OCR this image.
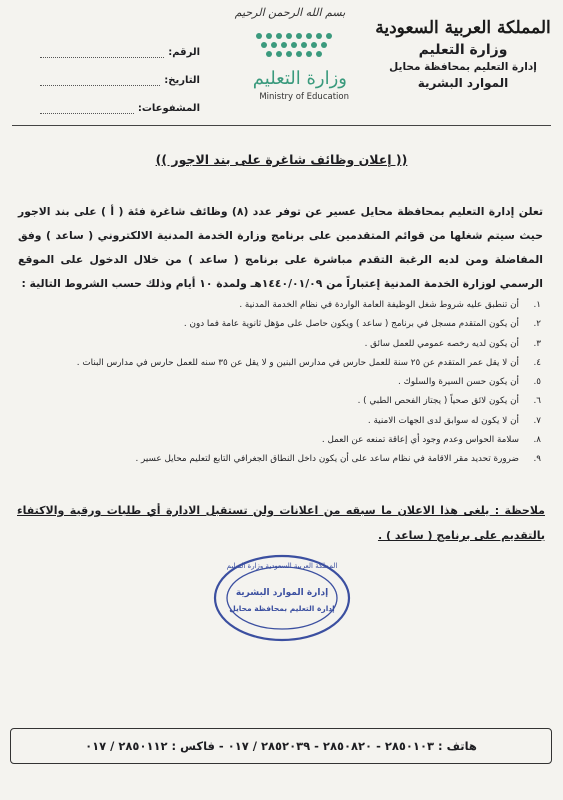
بسم الله الرحمن الرحيم
المملكة العربية السعودية
وزارة التعليم
إدارة التعليم بمحافظة محايل
الموارد البشرية
وزارة التعليم
Ministry of Education
الرقم:
التاريخ:
المشفوعات:
(( إعلان وظائف شاغرة على بند الاجور ))
تعلن إدارة التعليم بمحافظة محايل عسير عن توفر عدد (٨) وظائف شاغرة فئة ( أ ) على بند الاجور حيث سيتم شغلها من قوائم المتقدمين على برنامج وزارة الخدمة المدنية الالكتروني ( ساعد ) وفق المفاضلة ومن لديه الرغبة التقدم مباشرة على برنامج ( ساعد ) من خلال الدخول على الموقع الرسمي لوزارة الخدمة المدنية إعتباراً من ١٤٤٠/٠١/٠٩هـ ولمدة ١٠ أيام وذلك حسب الشروط التالية :
١.
أن تنطبق عليه شروط شغل الوظيفة العامة الواردة في نظام الخدمة المدنية .
٢.
أن يكون المتقدم مسجل في برنامج ( ساعد ) ويكون حاصل على مؤهل ثانوية عامة فما دون .
٣.
أن يكون لديه رخصه عمومي للعمل سائق .
٤.
أن لا يقل عمر المتقدم عن ٢٥ سنة للعمل حارس في مدارس البنين و لا يقل عن ٣٥ سنه للعمل حارس في مدارس البنات .
٥.
أن يكون حسن السيرة والسلوك .
٦.
أن يكون لائق صحياً ( يجتاز الفحص الطبي ) .
٧.
أن لا يكون له سوابق لدى الجهات الامنية .
٨.
سلامة الحواس وعدم وجود أي إعاقة تمنعه عن العمل .
٩.
ضرورة تحديد مقر الاقامة في نظام ساعد على أن يكون داخل النطاق الجغرافي التابع لتعليم محايل عسير .
ملاحظة : يلغى هذا الاعلان ما سبقه من اعلانات ولن تستقبل الادارة أي طلبات ورقية والاكتفاء بالتقديم على برنامج ( ساعد ) .
المملكة العربية السعودية وزارة التعليم
إدارة الموارد البشرية
إدارة التعليم بمحافظة محايل
هاتف : ٢٨٥٠١٠٣ - ٢٨٥٠٨٢٠ - ٢٨٥٢٠٣٩ / ٠١٧ - فاكس : ٢٨٥٠١١٢ / ٠١٧
